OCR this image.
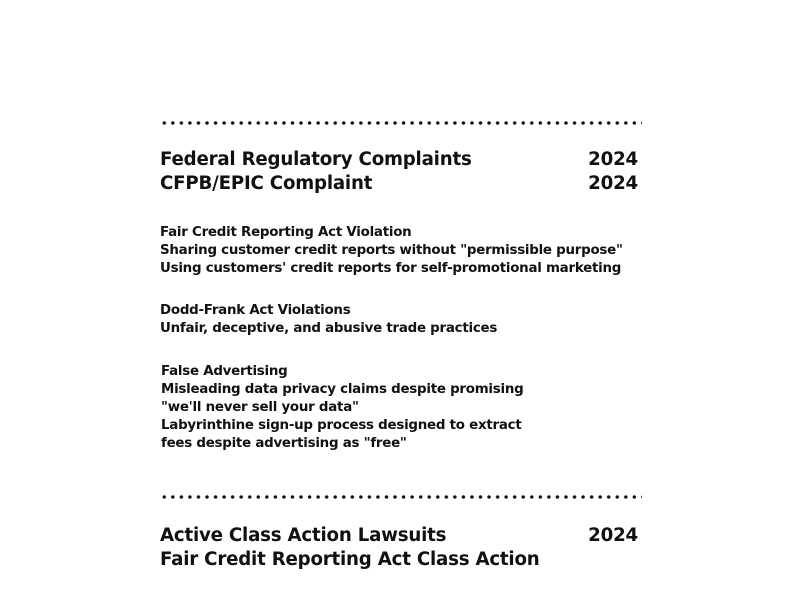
Federal Regulatory Complaints	2024
CFPB/EPIC Complaint	2024
Fair Credit Reporting Act Violation
Sharing customer credit reports without "permissible purpose"
Using customers' credit reports for self-promotional marketing
Dodd-Frank Act Violations
Unfair, deceptive, and abusive trade practices
False Advertising
Misleading data privacy claims despite promising
"we'll never sell your data"
Labyrinthine sign-up process designed to extract
fees despite advertising as "free"
Active Class Action Lawsuits	2024
Fair Credit Reporting Act Class Action
